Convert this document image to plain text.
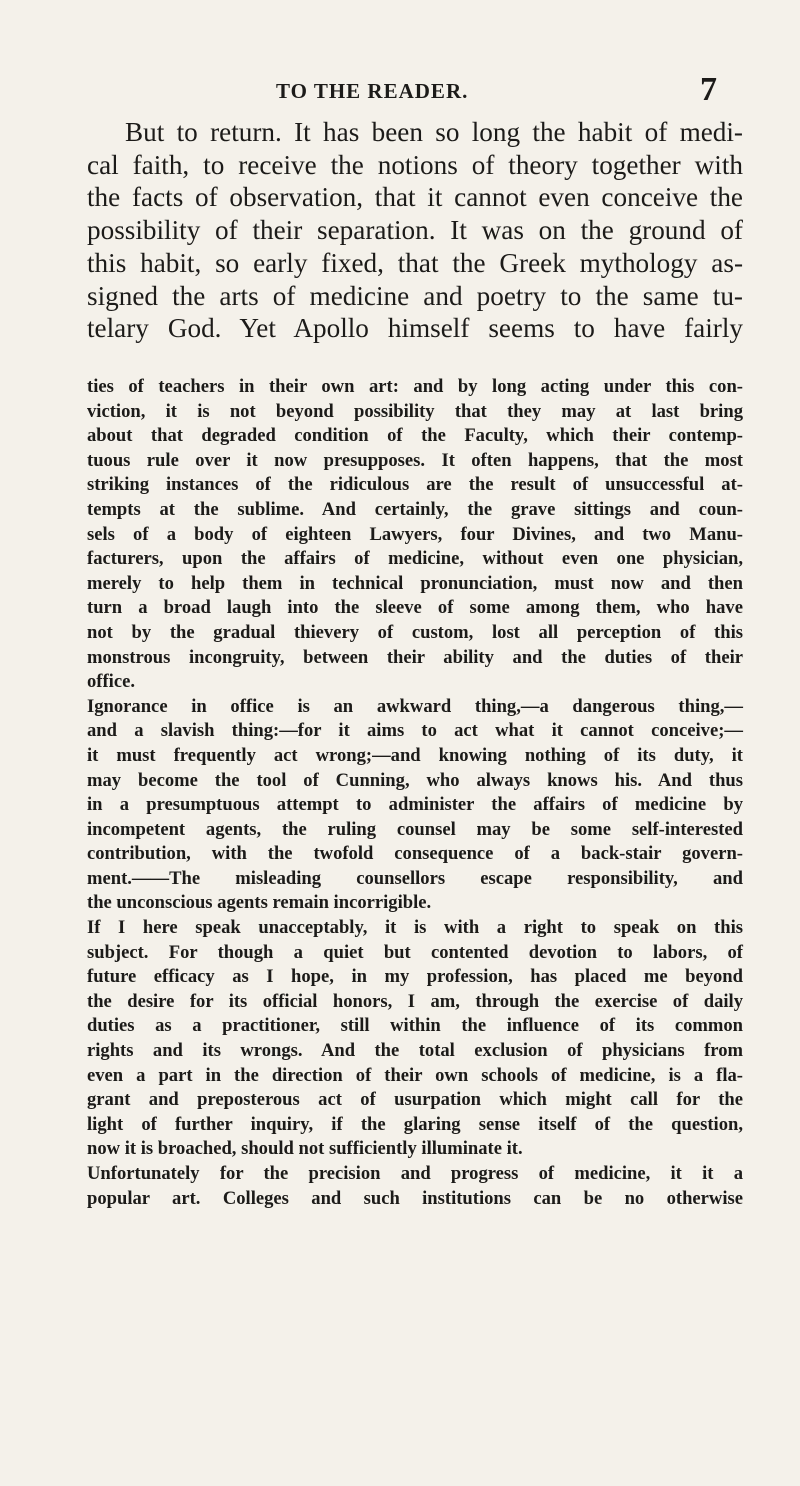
TO THE READER.	7
But to return. It has been so long the habit of medi-
cal faith, to receive the notions of theory together with
the facts of observation, that it cannot even conceive the
possibility of their separation. It was on the ground of
this habit, so early fixed, that the Greek mythology as-
signed the arts of medicine and poetry to the same tu-
telary God. Yet Apollo himself seems to have fairly
ties of teachers in their own art: and by long acting under this con-
viction, it is not beyond possibility that they may at last bring
about that degraded condition of the Faculty, which their contemp-
tuous rule over it now presupposes. It often happens, that the most
striking instances of the ridiculous are the result of unsuccessful at-
tempts at the sublime. And certainly, the grave sittings and coun-
sels of a body of eighteen Lawyers, four Divines, and two Manu-
facturers, upon the affairs of medicine, without even one physician,
merely to help them in technical pronunciation, must now and then
turn a broad laugh into the sleeve of some among them, who have
not by the gradual thievery of custom, lost all perception of this
monstrous incongruity, between their ability and the duties of their
office.
Ignorance in office is an awkward thing,—a dangerous thing,—
and a slavish thing:—for it aims to act what it cannot conceive;—
it must frequently act wrong;—and knowing nothing of its duty, it
may become the tool of Cunning, who always knows his. And thus
in a presumptuous attempt to administer the affairs of medicine by
incompetent agents, the ruling counsel may be some self-interested
contribution, with the twofold consequence of a back-stair govern-
ment.——The misleading counsellors escape responsibility, and
the unconscious agents remain incorrigible.
If I here speak unacceptably, it is with a right to speak on this
subject. For though a quiet but contented devotion to labors, of
future efficacy as I hope, in my profession, has placed me beyond
the desire for its official honors, I am, through the exercise of daily
duties as a practitioner, still within the influence of its common
rights and its wrongs. And the total exclusion of physicians from
even a part in the direction of their own schools of medicine, is a fla-
grant and preposterous act of usurpation which might call for the
light of further inquiry, if the glaring sense itself of the question,
now it is broached, should not sufficiently illuminate it.
Unfortunately for the precision and progress of medicine, it it a
popular art. Colleges and such institutions can be no otherwise
